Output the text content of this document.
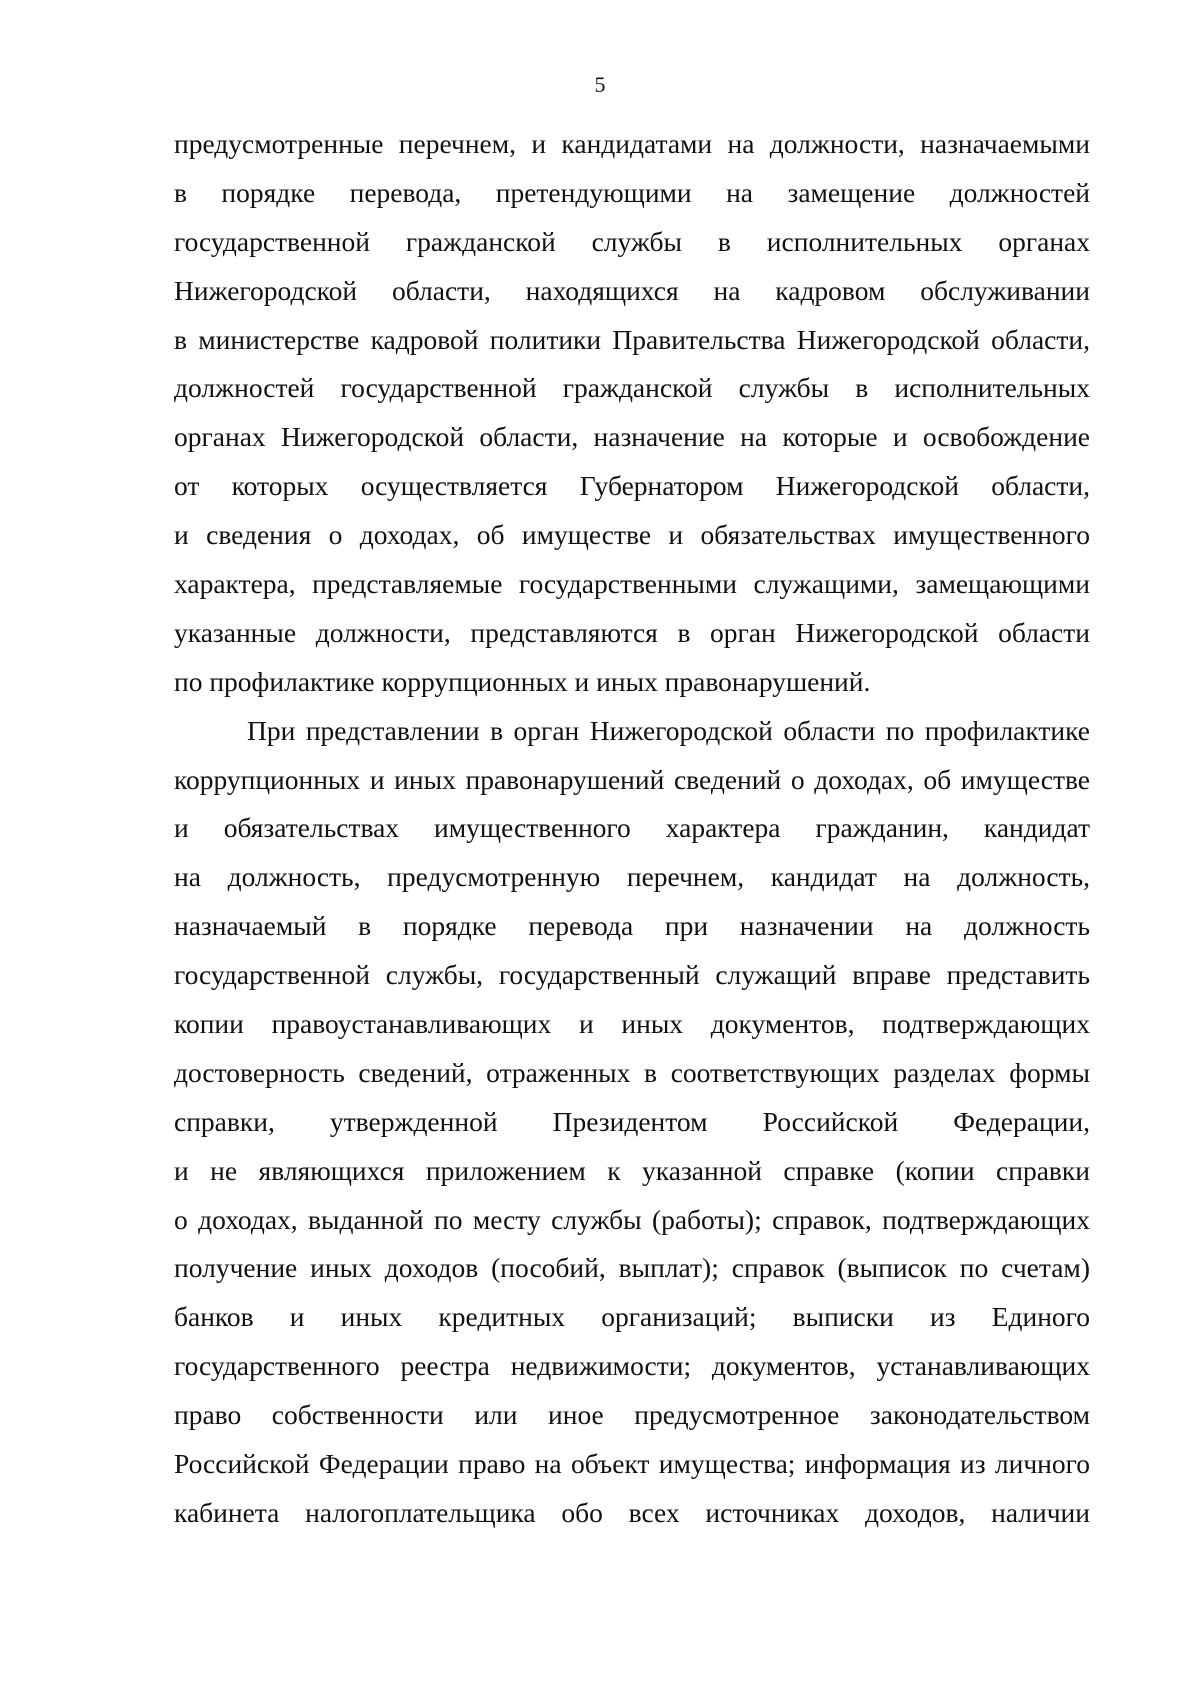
5
предусмотренные перечнем, и кандидатами на должности, назначаемыми
в порядке перевода, претендующими на замещение должностей
государственной гражданской службы в исполнительных органах
Нижегородской области, находящихся на кадровом обслуживании
в министерстве кадровой политики Правительства Нижегородской области,
должностей государственной гражданской службы в исполнительных
органах Нижегородской области, назначение на которые и освобождение
от которых осуществляется Губернатором Нижегородской области,
и сведения о доходах, об имуществе и обязательствах имущественного
характера, представляемые государственными служащими, замещающими
указанные должности, представляются в орган Нижегородской области
по профилактике коррупционных и иных правонарушений.
При представлении в орган Нижегородской области по профилактике
коррупционных и иных правонарушений сведений о доходах, об имуществе
и обязательствах имущественного характера гражданин, кандидат
на должность, предусмотренную перечнем, кандидат на должность,
назначаемый в порядке перевода при назначении на должность
государственной службы, государственный служащий вправе представить
копии правоустанавливающих и иных документов, подтверждающих
достоверность сведений, отраженных в соответствующих разделах формы
справки, утвержденной Президентом Российской Федерации,
и не являющихся приложением к указанной справке (копии справки
о доходах, выданной по месту службы (работы); справок, подтверждающих
получение иных доходов (пособий, выплат); справок (выписок по счетам)
банков и иных кредитных организаций; выписки из Единого
государственного реестра недвижимости; документов, устанавливающих
право собственности или иное предусмотренное законодательством
Российской Федерации право на объект имущества; информация из личного
кабинета налогоплательщика обо всех источниках доходов, наличии
